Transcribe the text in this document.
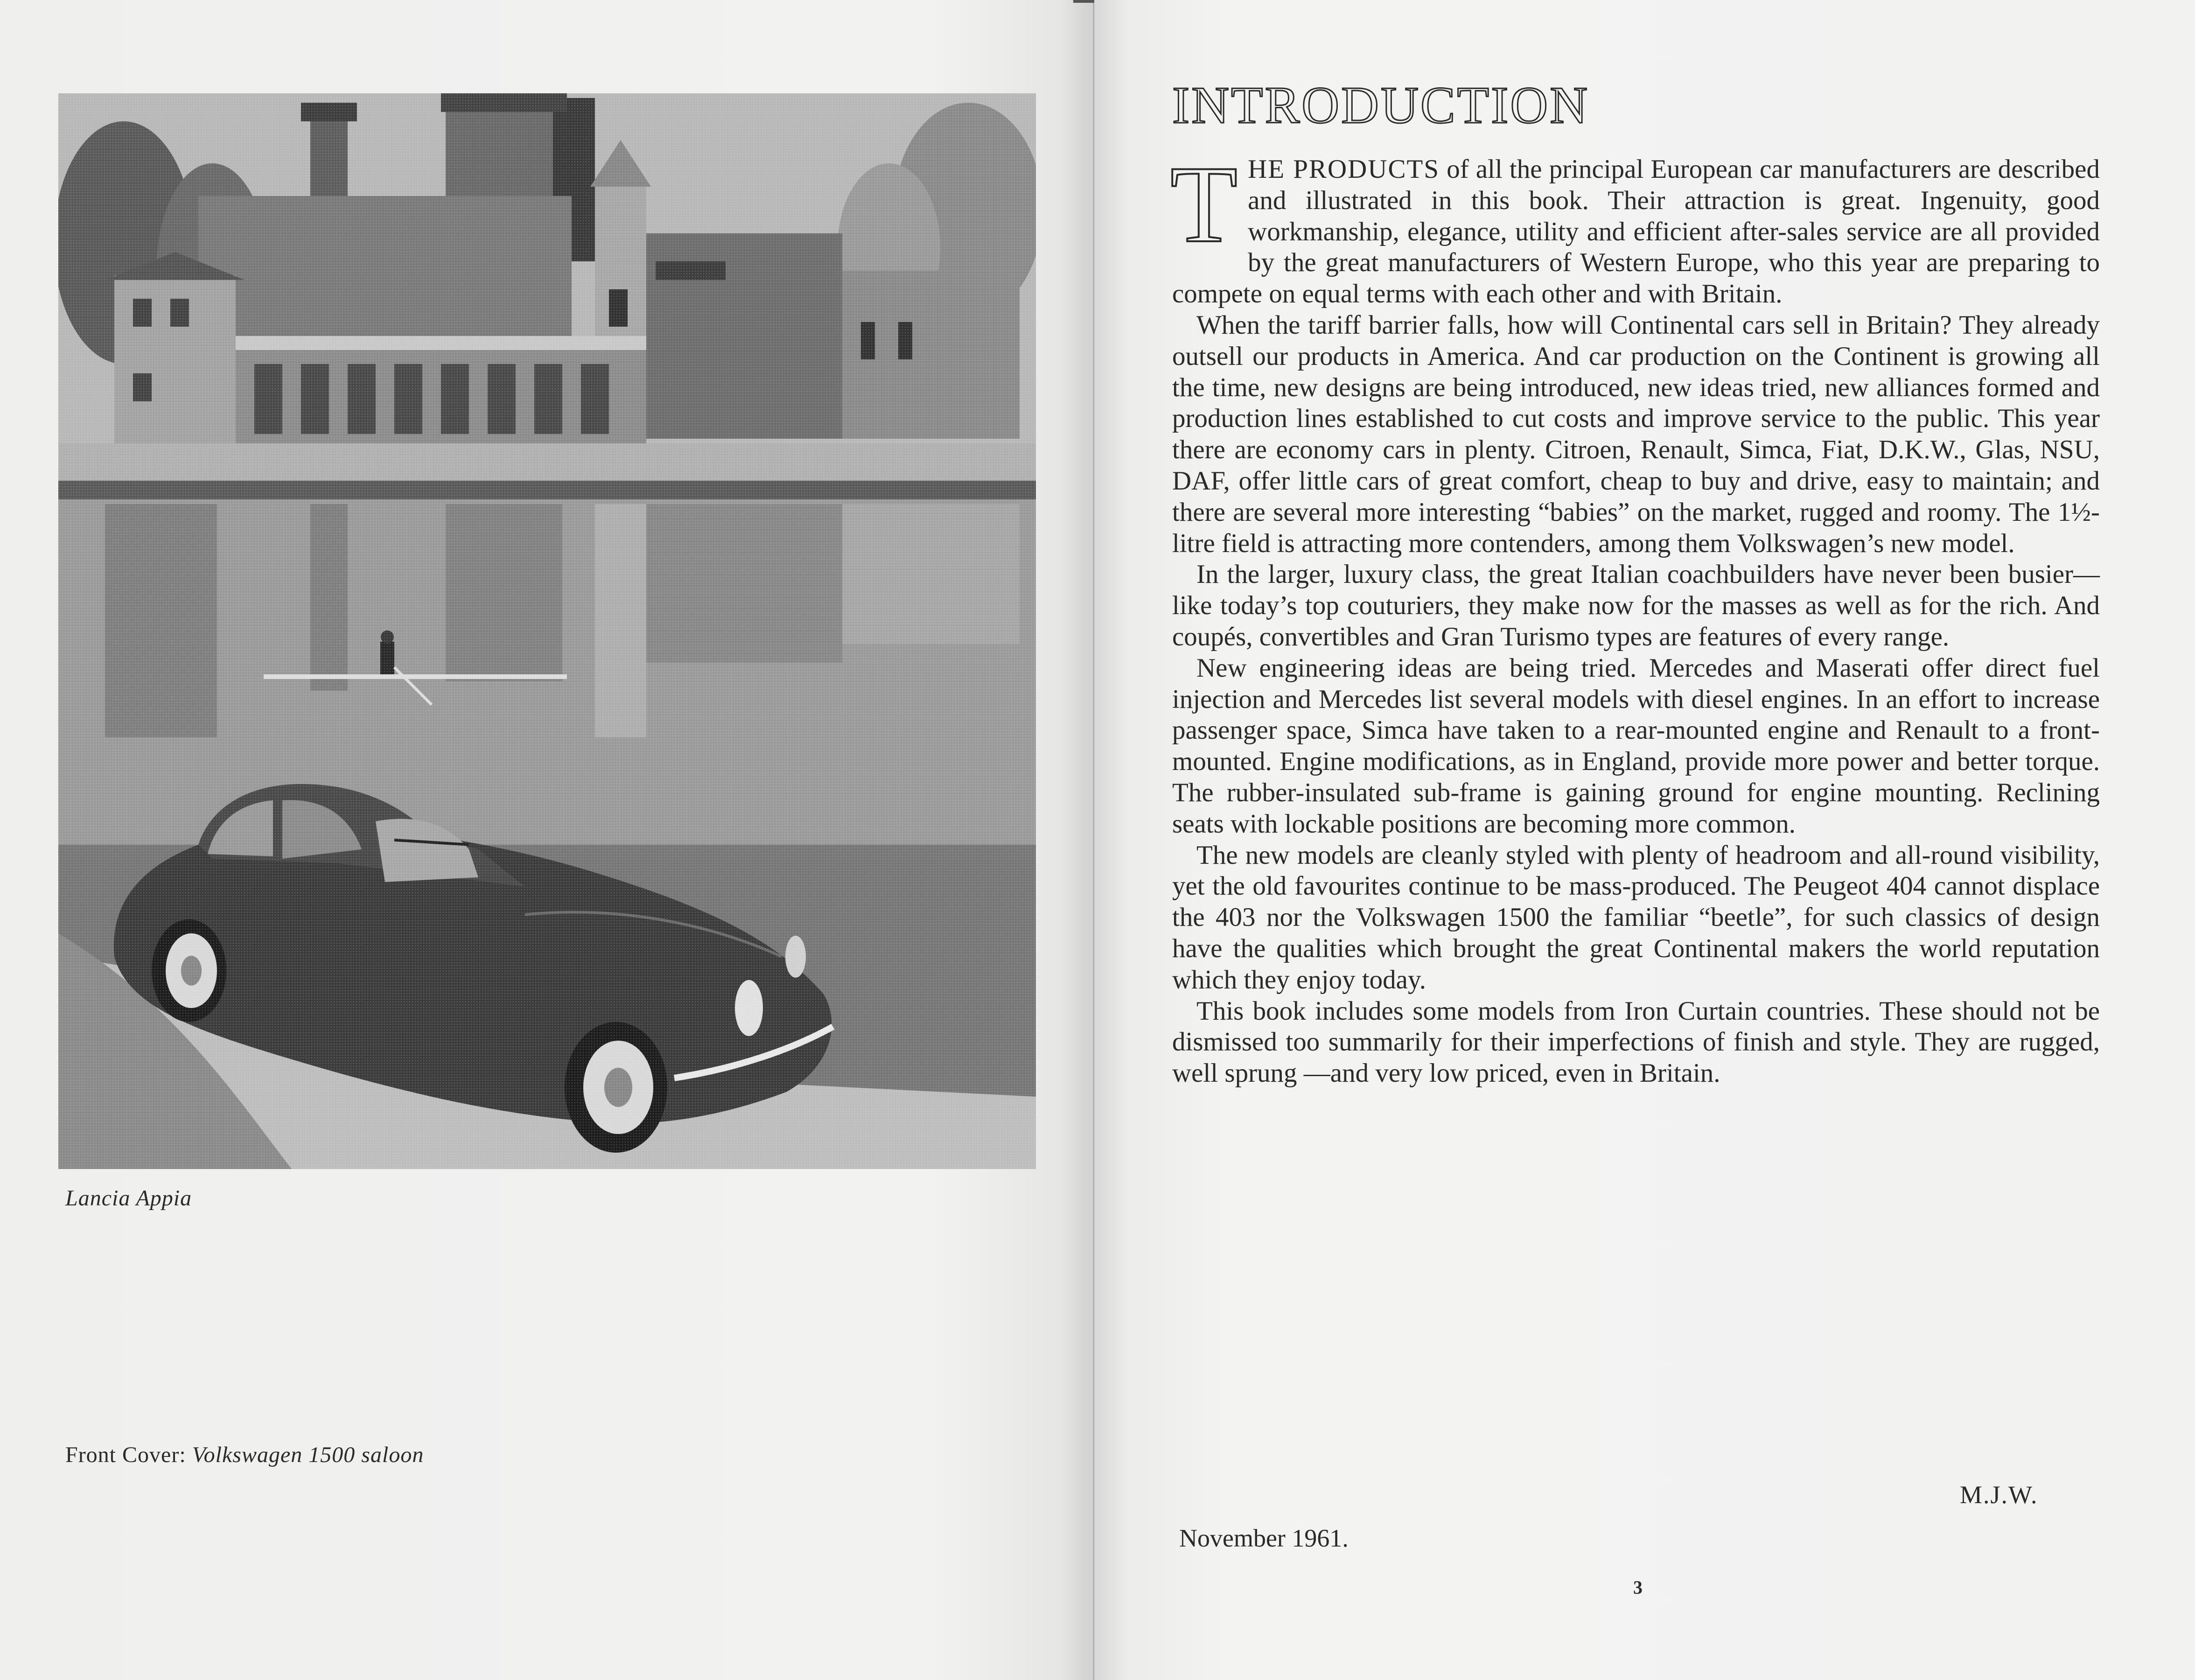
Lancia Appia
Front Cover: Volkswagen 1500 saloon
INTRODUCTION

THE PRODUCTS of all the principal European car manufacturers are described and illustrated in this book. Their attraction is great. Ingenuity, good workmanship, elegance, utility and efficient after-sales service are all provided by the great manufacturers of Western Europe, who this year are preparing to compete on equal terms with each other and with Britain.

When the tariff barrier falls, how will Continental cars sell in Britain? They already outsell our products in America. And car production on the Continent is growing all the time, new designs are being introduced, new ideas tried, new alliances formed and production lines established to cut costs and improve service to the public. This year there are economy cars in plenty. Citroen, Renault, Simca, Fiat, D.K.W., Glas, NSU, DAF, offer little cars of great comfort, cheap to buy and drive, easy to maintain; and there are several more interesting “babies” on the market, rugged and roomy. The 1½-litre field is attracting more contenders, among them Volkswagen’s new model.

In the larger, luxury class, the great Italian coachbuilders have never been busier—like today’s top couturiers, they make now for the masses as well as for the rich. And coupés, convertibles and Gran Turismo types are features of every range.

New engineering ideas are being tried. Mercedes and Maserati offer direct fuel injection and Mercedes list several models with diesel engines. In an effort to increase passenger space, Simca have taken to a rear-mounted engine and Renault to a front-mounted. Engine modifications, as in England, provide more power and better torque. The rubber-insulated sub-frame is gaining ground for engine mounting. Reclining seats with lockable positions are becoming more common.

The new models are cleanly styled with plenty of headroom and all-round visibility, yet the old favourites continue to be mass-produced. The Peugeot 404 cannot displace the 403 nor the Volkswagen 1500 the familiar “beetle”, for such classics of design have the qualities which brought the great Continental makers the world reputation which they enjoy today.

This book includes some models from Iron Curtain countries. These should not be dismissed too summarily for their imperfections of finish and style. They are rugged, well sprung —and very low priced, even in Britain.

M.J.W.
November 1961.
3
